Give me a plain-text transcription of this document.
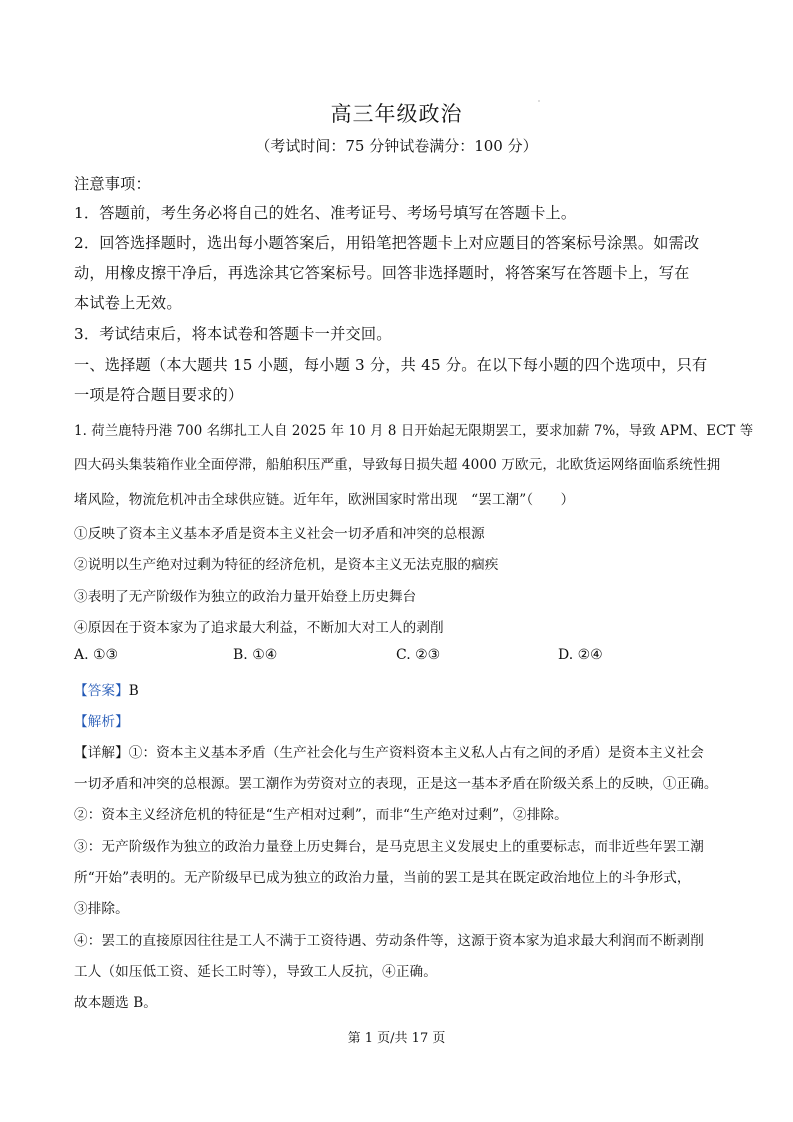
高三年级政治
（考试时间：75 分钟试卷满分：100 分）
注意事项：
1．答题前，考生务必将自己的姓名、准考证号、考场号填写在答题卡上。
2．回答选择题时，选出每小题答案后，用铅笔把答题卡上对应题目的答案标号涂黑。如需改
动，用橡皮擦干净后，再选涂其它答案标号。回答非选择题时，将答案写在答题卡上，写在
本试卷上无效。
3．考试结束后，将本试卷和答题卡一并交回。
一、选择题（本大题共 15 小题，每小题 3 分，共 45 分。在以下每小题的四个选项中，只有
一项是符合题目要求的）
1. 荷兰鹿特丹港 700 名绑扎工人自 2025 年 10 月 8 日开始起无限期罢工，要求加薪 7%，导致 APM、ECT 等
四大码头集装箱作业全面停滞，船舶积压严重，导致每日损失超 4000 万欧元，北欧货运网络面临系统性拥
堵风险，物流危机冲击全球供应链。近年年，欧洲国家时常出现　“罢工潮”（　　）
①反映了资本主义基本矛盾是资本主义社会一切矛盾和冲突的总根源
②说明以生产绝对过剩为特征的经济危机，是资本主义无法克服的痼疾
③表明了无产阶级作为独立的政治力量开始登上历史舞台
④原因在于资本家为了追求最大利益，不断加大对工人的剥削
A. ①③	B. ①④	C. ②③	D. ②④
【答案】B
【解析】
【详解】①：资本主义基本矛盾（生产社会化与生产资料资本主义私人占有之间的矛盾）是资本主义社会
一切矛盾和冲突的总根源。罢工潮作为劳资对立的表现，正是这一基本矛盾在阶级关系上的反映，①正确。
②：资本主义经济危机的特征是“生产相对过剩”，而非“生产绝对过剩”，②排除。
③：无产阶级作为独立的政治力量登上历史舞台，是马克思主义发展史上的重要标志，而非近些年罢工潮
所“开始”表明的。无产阶级早已成为独立的政治力量，当前的罢工是其在既定政治地位上的斗争形式，
③排除。
④：罢工的直接原因往往是工人不满于工资待遇、劳动条件等，这源于资本家为追求最大利润而不断剥削
工人（如压低工资、延长工时等），导致工人反抗，④正确。
故本题选 B。
第 1 页/共 17 页
